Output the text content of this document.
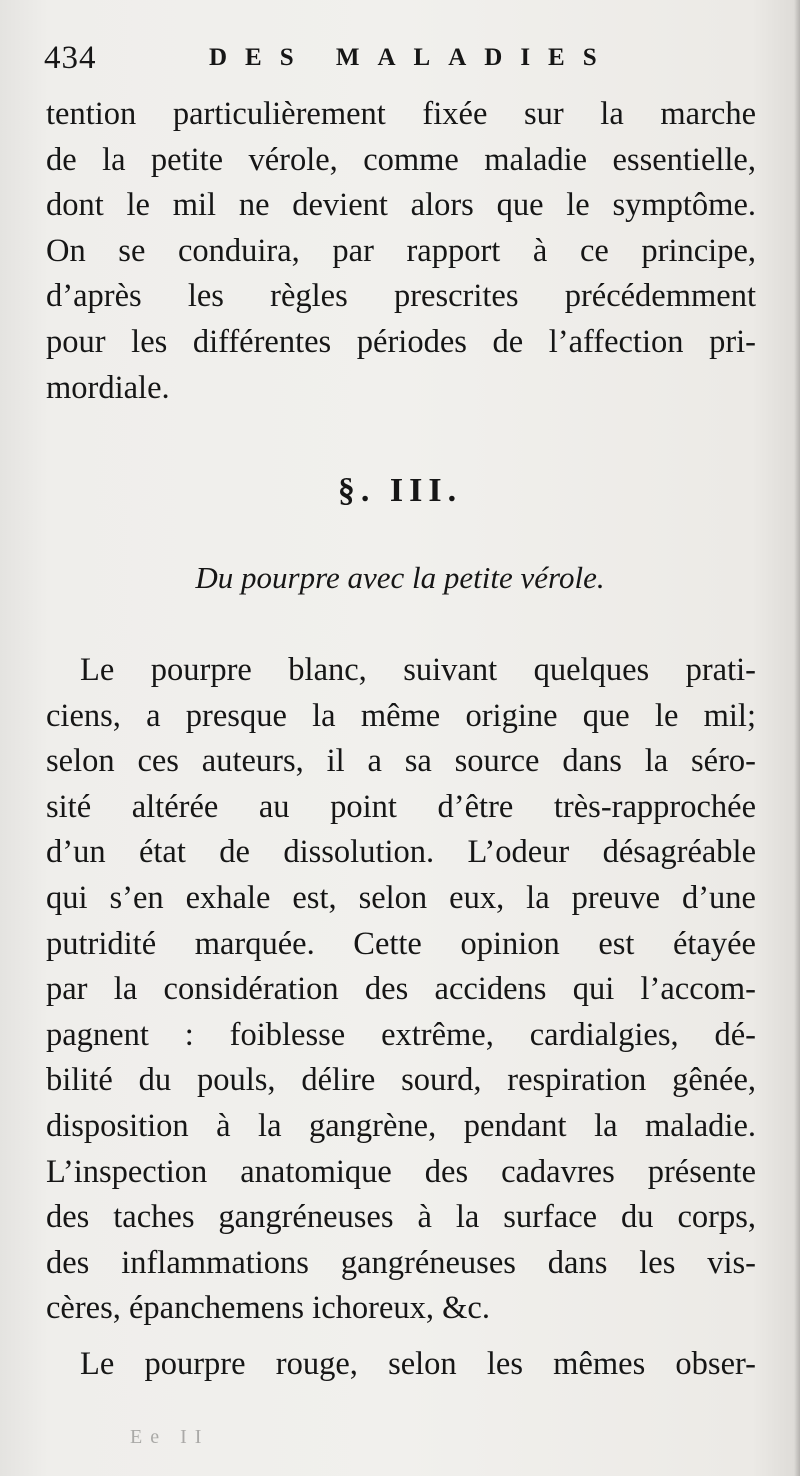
434	DES MALADIES
tention particulièrement fixée sur la marche
de la petite vérole, comme maladie essentielle,
dont le mil ne devient alors que le symptôme.
On se conduira, par rapport à ce principe,
d’après les règles prescrites précédemment
pour les différentes périodes de l’affection pri-
mordiale.
§. III.
Du pourpre avec la petite vérole.
Le pourpre blanc, suivant quelques prati-
ciens, a presque la même origine que le mil;
selon ces auteurs, il a sa source dans la séro-
sité altérée au point d’être très-rapprochée
d’un état de dissolution. L’odeur désagréable
qui s’en exhale est, selon eux, la preuve d’une
putridité marquée. Cette opinion est étayée
par la considération des accidens qui l’accom-
pagnent : foiblesse extrême, cardialgies, dé-
bilité du pouls, délire sourd, respiration gênée,
disposition à la gangrène, pendant la maladie.
L’inspection anatomique des cadavres présente
des taches gangréneuses à la surface du corps,
des inflammations gangréneuses dans les vis-
cères, épanchemens ichoreux, &c.
Le pourpre rouge, selon les mêmes obser-
Ee II
